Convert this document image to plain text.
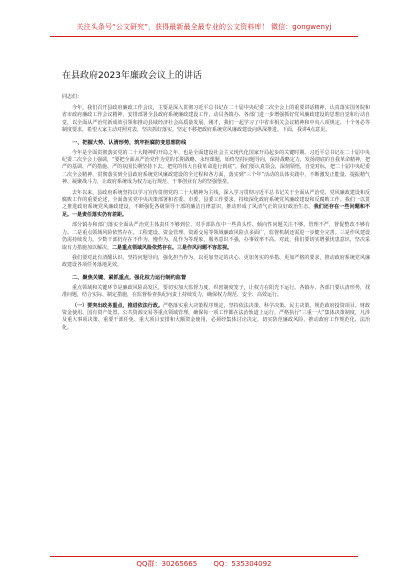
关注头条号“公文研究”，获得最新最全最专业的公文资料库！ 微信：gongwenyj
在县政府2023年廉政会议上的讲话
同志们：

今年，我们召开县政府廉政工作会议，主要是深入贯彻习近平总书记在二十届中央纪委二次全会上的重要讲话精神，认真落实国务院和省市政府廉政工作会议精神，安排部署全县政府系统廉政建设工作，动员各镇办、各部门进一步增强抓好党风廉政建设的思想自觉和行动自觉，以全面从严治党新成效引领和推动县域经济社会高质量发展。刚才，我们一起学习了中省市相关会议精神和中央八项规定、十个务必等制度要求，希望大家主动对照对表，坚决抓好落实。坚定不移把政府系统党风廉政建设向纵深推进。下面，我讲4点意见。

一、把握大势、认清形势，筑牢拒腐防变思想防线

今年是全面贯彻落实党的二十大精神的开局之年，也是全面建设社会主义现代化国家开局起步的关键时期。习近平总书记在二十届中央纪委二次全会上强调，“要把全面从严治党作为党的长期战略、永恒课题，始终坚持问题导向，保持战略定力，发扬彻底的自我革命精神，把严的基调、严的措施、严的氛围长期坚持下去。把党的伟大自我革命进行到底”。我们要认真领会，深刻领悟，自觉对标，把二十届中央纪委二次全会精神，贯彻落实到全县政府系统党风廉政建设的全过程和各方面，落实到“三个年”活动的具体实践中，不断激发正能量、提振精气神、凝聚战斗力，让政府系统成为权力运行规范、干事创业有为的坚强堡垒。

去年以来，县政府系统坚持以学习宣传贯彻党的二十大精神为主线，深入学习贯彻习近平总书记关于全面从严治党、党风廉政建设和反腐败工作的重要论述，全面落实党中央决策部署和省委、市委、县委工作要求，持续深化政府系统党风廉政建设和反腐败工作。我们一以贯之推进政府系统党风廉政建设，不断强化各级领导干部的廉洁自律意识，推动形成了风清气正的良好政治生态。我们还存在一些问题和不足。一是责任落实仍有差距。

部分镇办和部门落实全面从严治党主体责任不够到位，对手部队伍中一些苗头性、倾向性问题关注不够，管理不严，督促整改不够有力。二是重点领域风险依然存在。工程建设、资金管理、资源交易等领域廉政风险点多面广，监督机制还需进一步健全完善。三是作风建设仍需持续发力。少数干部仍存在不作为、慢作为、乱作为等现象，服务意识不强，办事效率不高。对此，我们要切实增强忧患意识，坚决采取有力措施加以解决。二是重点领域风险依然存在。三是作风问题不容忽视。

我们要对此有清醒认识，坚持问题导向，强化担当作为，以更加坚定的决心、更加务实的举措、更加严格的要求，推动政府系统党风廉政建设各项任务落地见效。

二、聚焦关键、紧抓重点，强化权力运行制约监督

重点领域和关键环节是廉政风险高发区，要切实加大监督力度，织密制度笼子，让权力在阳光下运行。各镇办、各部门要认清形势，找准问题，结合实际、制定措施，在监督检查执纪问责上持续发力，确保权力规范、安全、高效运行。

（一）要突出政务重点，推进依法行政。严格落实重大决策程序规定，坚持依法决策、科学决策、民主决策。规范政府投资项目、财政资金使用、国有资产处置、公共资源交易等重点领域管理，确保每一项工作都在法治轨道上运行。严格执行“三重一大”集体决策制度，凡涉及重大事项决策、重要干部任免、重大项目安排和大额资金使用，必须经集体讨论决定，切实防范廉政风险，推动政府工作规范化、法治化。

QQ群：30265665 QQ：535304092
